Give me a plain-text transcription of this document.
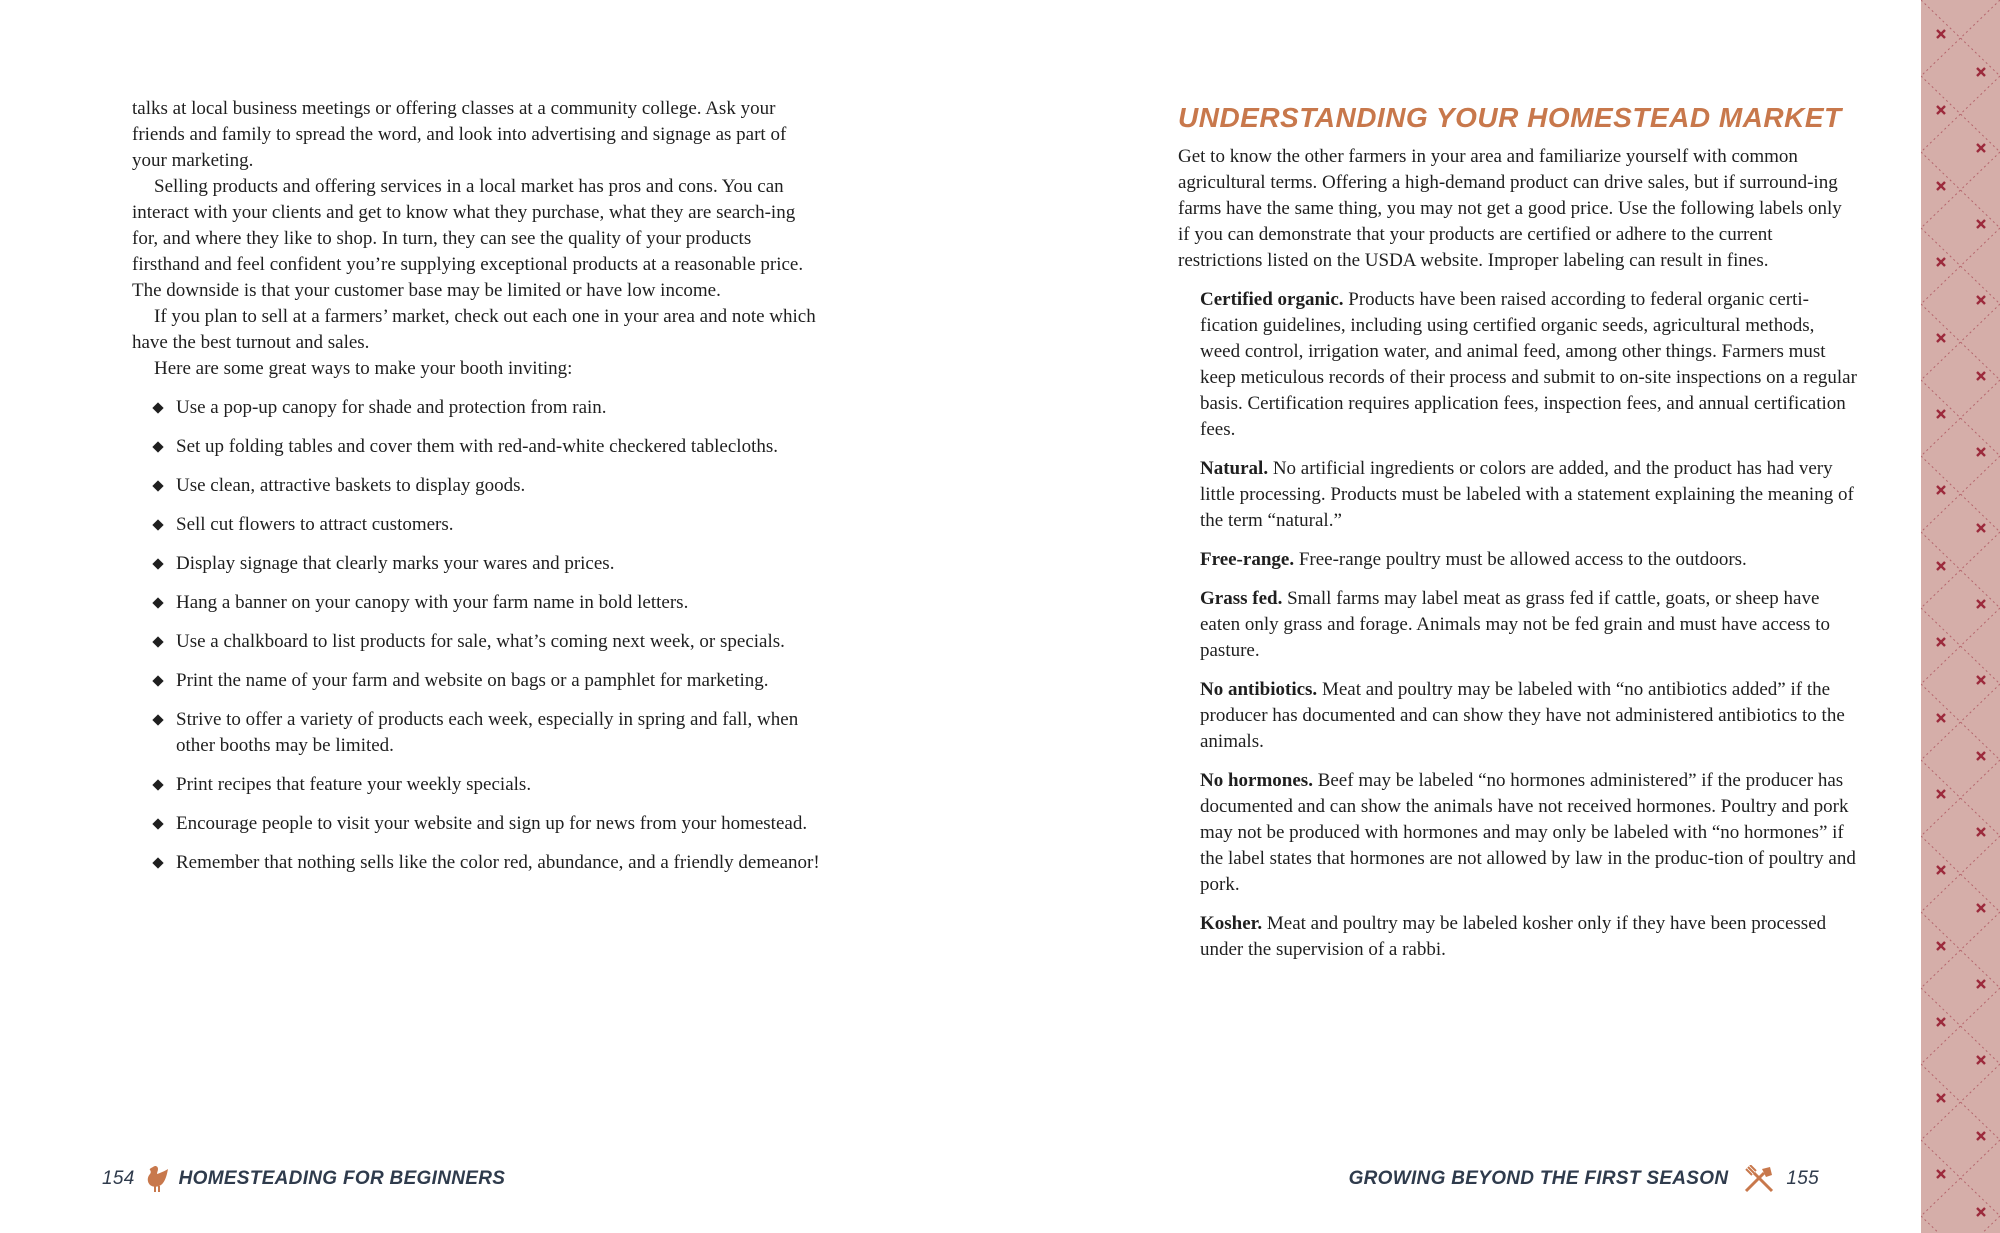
talks at local business meetings or offering classes at a community college. Ask your friends and family to spread the word, and look into advertising and signage as part of your marketing.

Selling products and offering services in a local market has pros and cons. You can interact with your clients and get to know what they purchase, what they are search-ing for, and where they like to shop. In turn, they can see the quality of your products firsthand and feel confident you’re supplying exceptional products at a reasonable price. The downside is that your customer base may be limited or have low income.

If you plan to sell at a farmers’ market, check out each one in your area and note which have the best turnout and sales.

Here are some great ways to make your booth inviting:

Use a pop-up canopy for shade and protection from rain.
Set up folding tables and cover them with red-and-white checkered tablecloths.
Use clean, attractive baskets to display goods.
Sell cut flowers to attract customers.
Display signage that clearly marks your wares and prices.
Hang a banner on your canopy with your farm name in bold letters.
Use a chalkboard to list products for sale, what’s coming next week, or specials.
Print the name of your farm and website on bags or a pamphlet for marketing.
Strive to offer a variety of products each week, especially in spring and fall, when other booths may be limited.
Print recipes that feature your weekly specials.
Encourage people to visit your website and sign up for news from your homestead.
Remember that nothing sells like the color red, abundance, and a friendly demeanor!
154 HOMESTEADING FOR BEGINNERS
UNDERSTANDING YOUR HOMESTEAD MARKET

Get to know the other farmers in your area and familiarize yourself with common agricultural terms. Offering a high-demand product can drive sales, but if surround-ing farms have the same thing, you may not get a good price. Use the following labels only if you can demonstrate that your products are certified or adhere to the current restrictions listed on the USDA website. Improper labeling can result in fines.

Certified organic. Products have been raised according to federal organic certi-fication guidelines, including using certified organic seeds, agricultural methods, weed control, irrigation water, and animal feed, among other things. Farmers must keep meticulous records of their process and submit to on-site inspections on a regular basis. Certification requires application fees, inspection fees, and annual certification fees.

Natural. No artificial ingredients or colors are added, and the product has had very little processing. Products must be labeled with a statement explaining the meaning of the term “natural.”

Free-range. Free-range poultry must be allowed access to the outdoors.

Grass fed. Small farms may label meat as grass fed if cattle, goats, or sheep have eaten only grass and forage. Animals may not be fed grain and must have access to pasture.

No antibiotics. Meat and poultry may be labeled with “no antibiotics added” if the producer has documented and can show they have not administered antibiotics to the animals.

No hormones. Beef may be labeled “no hormones administered” if the producer has documented and can show the animals have not received hormones. Poultry and pork may not be produced with hormones and may only be labeled with “no hormones” if the label states that hormones are not allowed by law in the produc-tion of poultry and pork.

Kosher. Meat and poultry may be labeled kosher only if they have been processed under the supervision of a rabbi.

GROWING BEYOND THE FIRST SEASON	155
